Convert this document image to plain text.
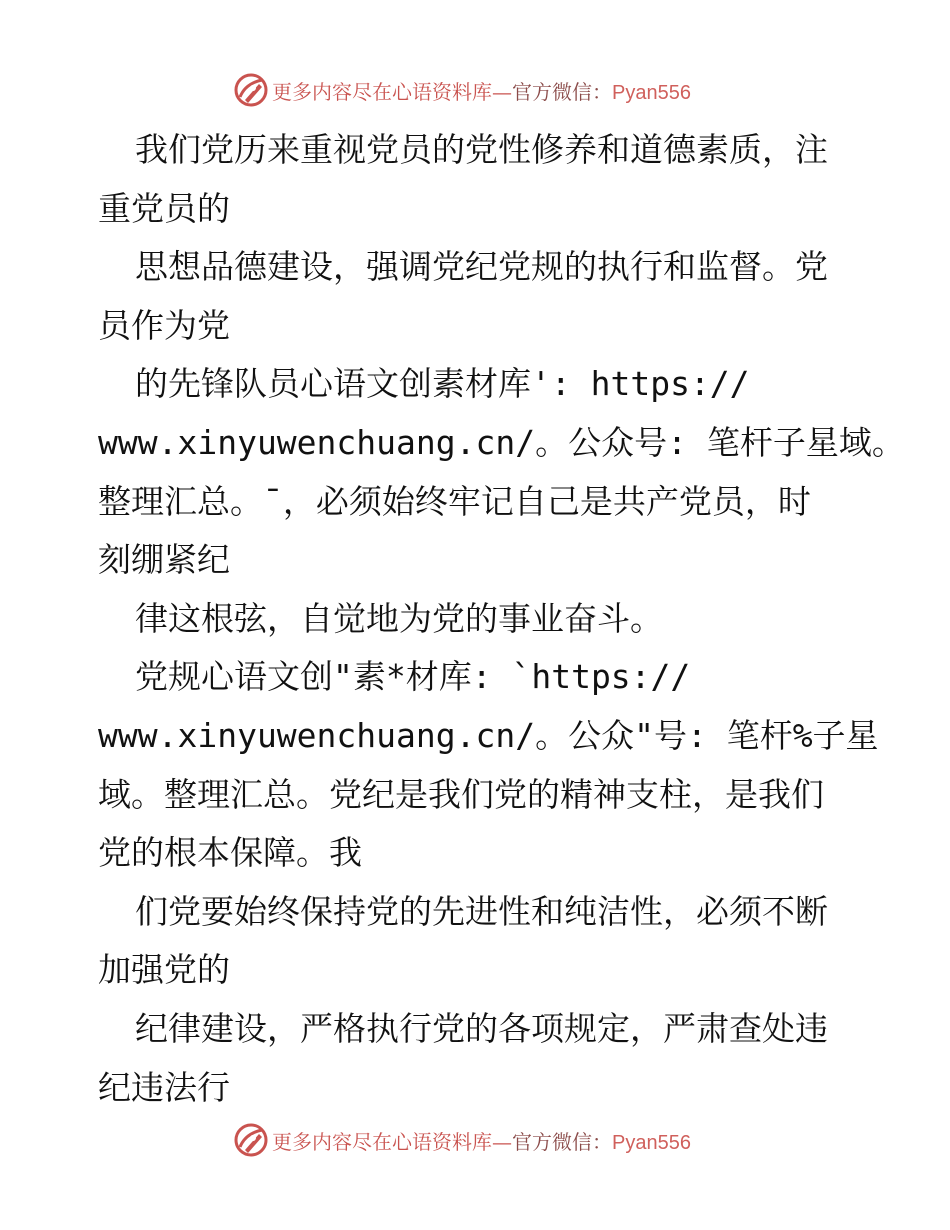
更多内容尽在心语资料库—官方微信：Pyan556
我们党历来重视党员的党性修养和道德素质，注
重党员的
思想品德建设，强调党纪党规的执行和监督。党
员作为党
的先锋队员心语文创素材库': https://
www.xinyuwenchuang.cn/。公众号: 笔杆子星域。
整理汇总。¯，必须始终牢记自己是共产党员，时
刻绷紧纪
律这根弦，自觉地为党的事业奋斗。
党规心语文创"素*材库: `https://
www.xinyuwenchuang.cn/。公众"号: 笔杆%子星
域。整理汇总。党纪是我们党的精神支柱，是我们
党的根本保障。我
们党要始终保持党的先进性和纯洁性，必须不断
加强党的
纪律建设，严格执行党的各项规定，严肃查处违
纪违法行
更多内容尽在心语资料库—官方微信：Pyan556
